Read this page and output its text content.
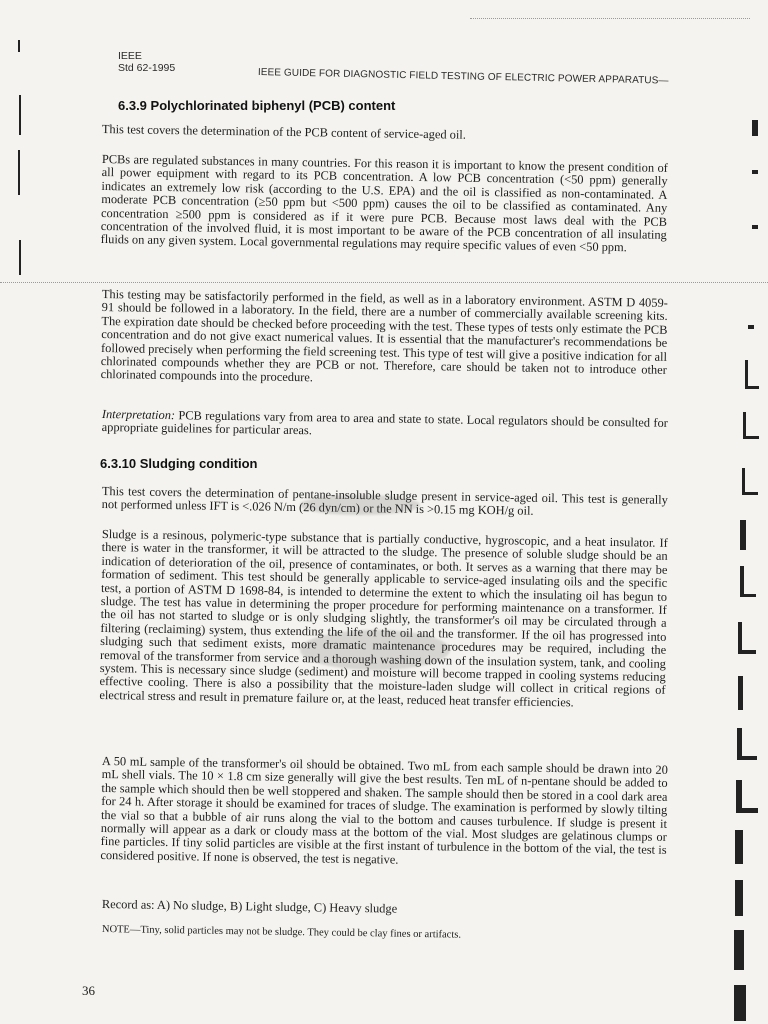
IEEE
Std 62-1995	IEEE GUIDE FOR DIAGNOSTIC FIELD TESTING OF ELECTRIC POWER APPARATUS—
6.3.9 Polychlorinated biphenyl (PCB) content
This test covers the determination of the PCB content of service-aged oil.
PCBs are regulated substances in many countries. For this reason it is important to know the present condition of all power equipment with regard to its PCB concentration. A low PCB concentration (<50 ppm) generally indicates an extremely low risk (according to the U.S. EPA) and the oil is classified as non-contaminated. A moderate PCB concentration (≥50 ppm but <500 ppm) causes the oil to be classified as contaminated. Any concentration ≥500 ppm is considered as if it were pure PCB. Because most laws deal with the PCB concentration of the involved fluid, it is most important to be aware of the PCB concentration of all insulating fluids on any given system. Local governmental regulations may require specific values of even <50 ppm.
This testing may be satisfactorily performed in the field, as well as in a laboratory environment. ASTM D 4059-91 should be followed in a laboratory. In the field, there are a number of commercially available screening kits. The expiration date should be checked before proceeding with the test. These types of tests only estimate the PCB concentration and do not give exact numerical values. It is essential that the manufacturer's recommendations be followed precisely when performing the field screening test. This type of test will give a positive indication for all chlorinated compounds whether they are PCB or not. Therefore, care should be taken not to introduce other chlorinated compounds into the procedure.
Interpretation: PCB regulations vary from area to area and state to state. Local regulators should be consulted for appropriate guidelines for particular areas.
6.3.10 Sludging condition
This test covers the determination of pentane-insoluble sludge present in service-aged oil. This test is generally not performed unless IFT is <.026 N/m (26 dyn/cm) or the NN is >0.15 mg KOH/g oil.
Sludge is a resinous, polymeric-type substance that is partially conductive, hygroscopic, and a heat insulator. If there is water in the transformer, it will be attracted to the sludge. The presence of soluble sludge should be an indication of deterioration of the oil, presence of contaminates, or both. It serves as a warning that there may be formation of sediment. This test should be generally applicable to service-aged insulating oils and the specific test, a portion of ASTM D 1698-84, is intended to determine the extent to which the insulating oil has begun to sludge. The test has value in determining the proper procedure for performing maintenance on a transformer. If the oil has not started to sludge or is only sludging slightly, the transformer's oil may be circulated through a filtering (reclaiming) system, thus extending the life of the oil and the transformer. If the oil has progressed into sludging such that sediment exists, more dramatic maintenance procedures may be required, including the removal of the transformer from service and a thorough washing down of the insulation system, tank, and cooling system. This is necessary since sludge (sediment) and moisture will become trapped in cooling systems reducing effective cooling. There is also a possibility that the moisture-laden sludge will collect in critical regions of electrical stress and result in premature failure or, at the least, reduced heat transfer efficiencies.
A 50 mL sample of the transformer's oil should be obtained. Two mL from each sample should be drawn into 20 mL shell vials. The 10 × 1.8 cm size generally will give the best results. Ten mL of n-pentane should be added to the sample which should then be well stoppered and shaken. The sample should then be stored in a cool dark area for 24 h. After storage it should be examined for traces of sludge. The examination is performed by slowly tilting the vial so that a bubble of air runs along the vial to the bottom and causes turbulence. If sludge is present it normally will appear as a dark or cloudy mass at the bottom of the vial. Most sludges are gelatinous clumps or fine particles. If tiny solid particles are visible at the first instant of turbulence in the bottom of the vial, the test is considered positive. If none is observed, the test is negative.
Record as: A) No sludge, B) Light sludge, C) Heavy sludge
NOTE—Tiny, solid particles may not be sludge. They could be clay fines or artifacts.
36
